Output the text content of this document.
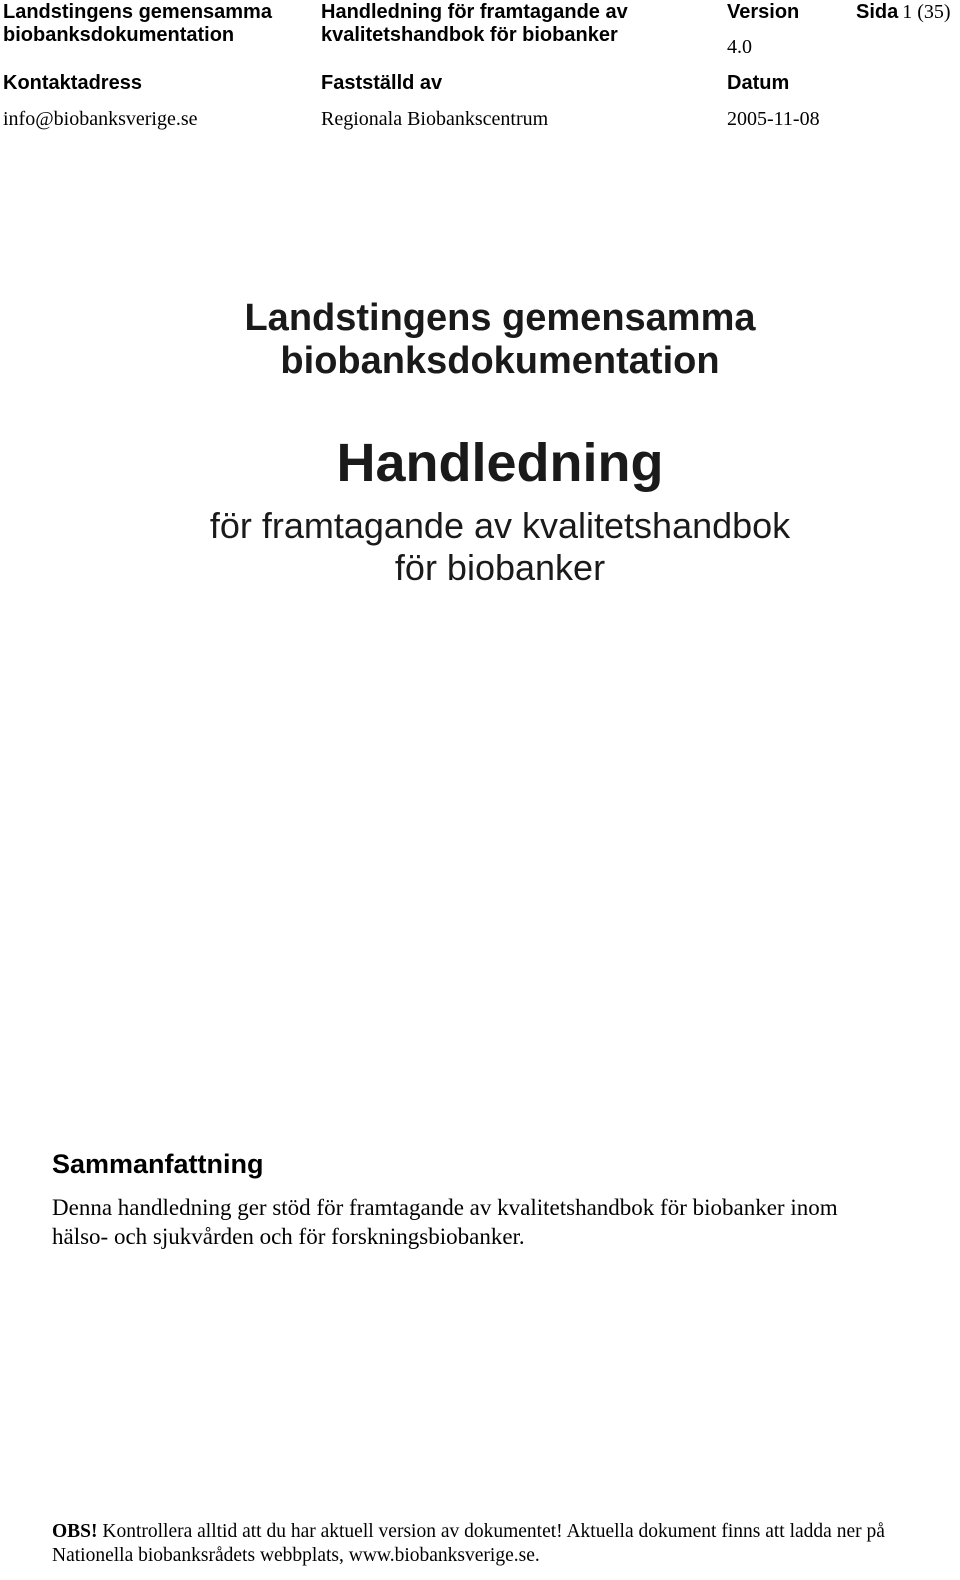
Landstingens gemensamma
biobanksdokumentation
Handledning för framtagande av
kvalitetshandbok för biobanker
Version
4.0
Sida 1 (35)
Kontaktadress
info@biobanksverige.se
Fastställd av
Regionala Biobankscentrum
Datum
2005-11-08
Landstingens gemensamma
biobanksdokumentation
Handledning
för framtagande av kvalitetshandbok
för biobanker
Sammanfattning
Denna handledning ger stöd för framtagande av kvalitetshandbok för biobanker inom
hälso- och sjukvården och för forskningsbiobanker.
OBS! Kontrollera alltid att du har aktuell version av dokumentet! Aktuella dokument finns att ladda ner på
Nationella biobanksrådets webbplats, www.biobanksverige.se.
